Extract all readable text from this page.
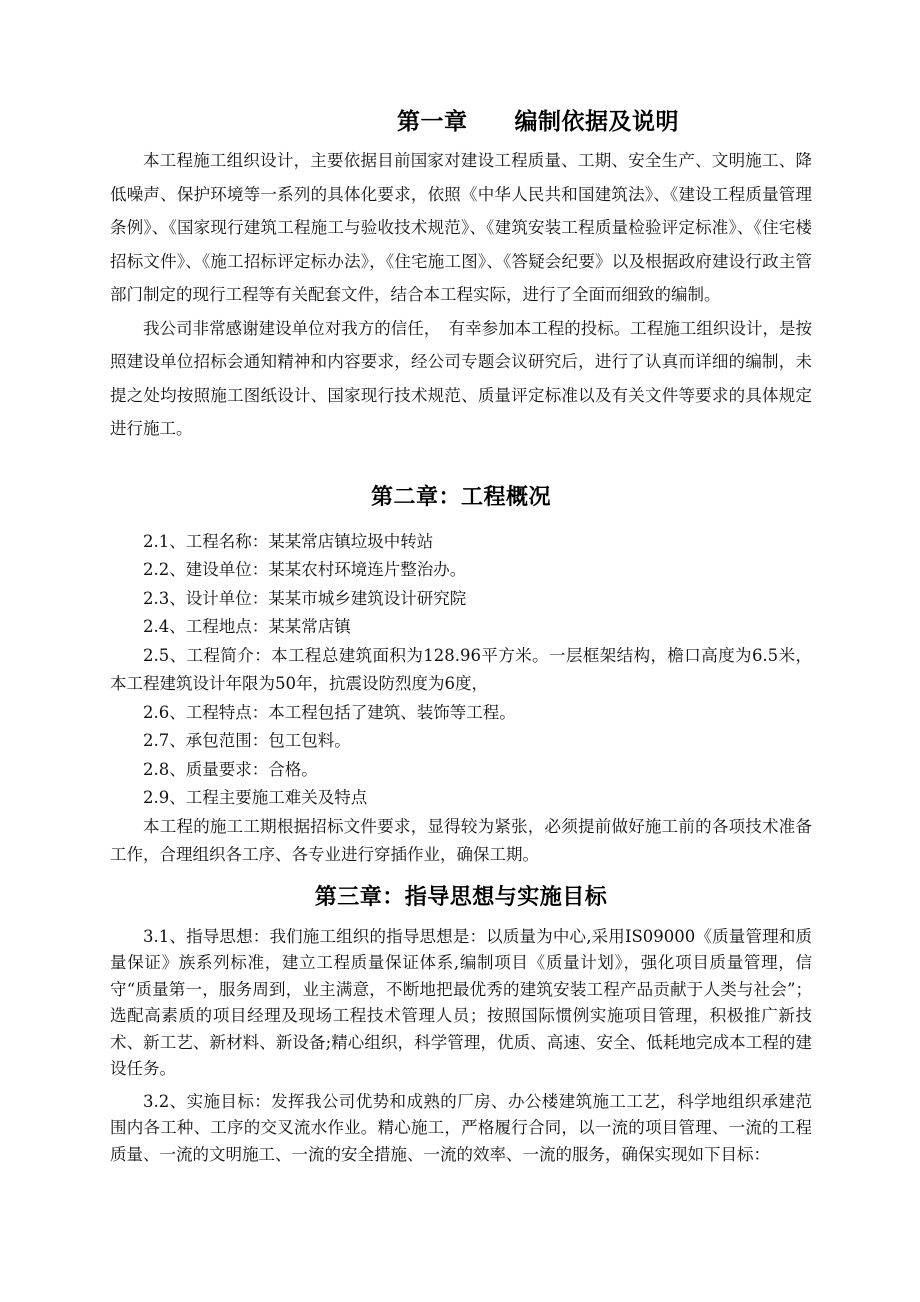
第一章　　编制依据及说明

本工程施工组织设计，主要依据目前国家对建设工程质量、工期、安全生产、文明施工、降低噪声、保护环境等一系列的具体化要求，依照《中华人民共和国建筑法》、《建设工程质量管理条例》、《国家现行建筑工程施工与验收技术规范》、《建筑安装工程质量检验评定标准》、《住宅楼招标文件》、《施工招标评定标办法》，《住宅施工图》、《答疑会纪要》以及根据政府建设行政主管部门制定的现行工程等有关配套文件，结合本工程实际，进行了全面而细致的编制。

我公司非常感谢建设单位对我方的信任，　有幸参加本工程的投标。工程施工组织设计，是按照建设单位招标会通知精神和内容要求，经公司专题会议研究后，进行了认真而详细的编制，未提之处均按照施工图纸设计、国家现行技术规范、质量评定标准以及有关文件等要求的具体规定进行施工。

第二章：工程概况

2.1、工程名称：某某常店镇垃圾中转站

2.2、建设单位：某某农村环境连片整治办。

2.3、设计单位：某某市城乡建筑设计研究院

2.4、工程地点：某某常店镇

2.5、工程简介：本工程总建筑面积为128.96平方米。一层框架结构，檐口高度为6.5米，本工程建筑设计年限为50年，抗震设防烈度为6度，

2.6、工程特点：本工程包括了建筑、装饰等工程。

2.7、承包范围：包工包料。

2.8、质量要求：合格。

2.9、工程主要施工难关及特点

本工程的施工工期根据招标文件要求，显得较为紧张，必须提前做好施工前的各项技术准备工作，合理组织各工序、各专业进行穿插作业，确保工期。

第三章：指导思想与实施目标

3.1、指导思想：我们施工组织的指导思想是：以质量为中心,采用IS09000《质量管理和质量保证》族系列标准，建立工程质量保证体系,编制项目《质量计划》，强化项目质量管理，信守“质量第一，服务周到，业主满意，不断地把最优秀的建筑安装工程产品贡献于人类与社会”；选配高素质的项目经理及现场工程技术管理人员；按照国际惯例实施项目管理，积极推广新技术、新工艺、新材料、新设备;精心组织，科学管理，优质、高速、安全、低耗地完成本工程的建设任务。

3.2、实施目标：发挥我公司优势和成熟的厂房、办公楼建筑施工工艺，科学地组织承建范围内各工种、工序的交叉流水作业。精心施工，严格履行合同，以一流的项目管理、一流的工程质量、一流的文明施工、一流的安全措施、一流的效率、一流的服务，确保实现如下目标：
